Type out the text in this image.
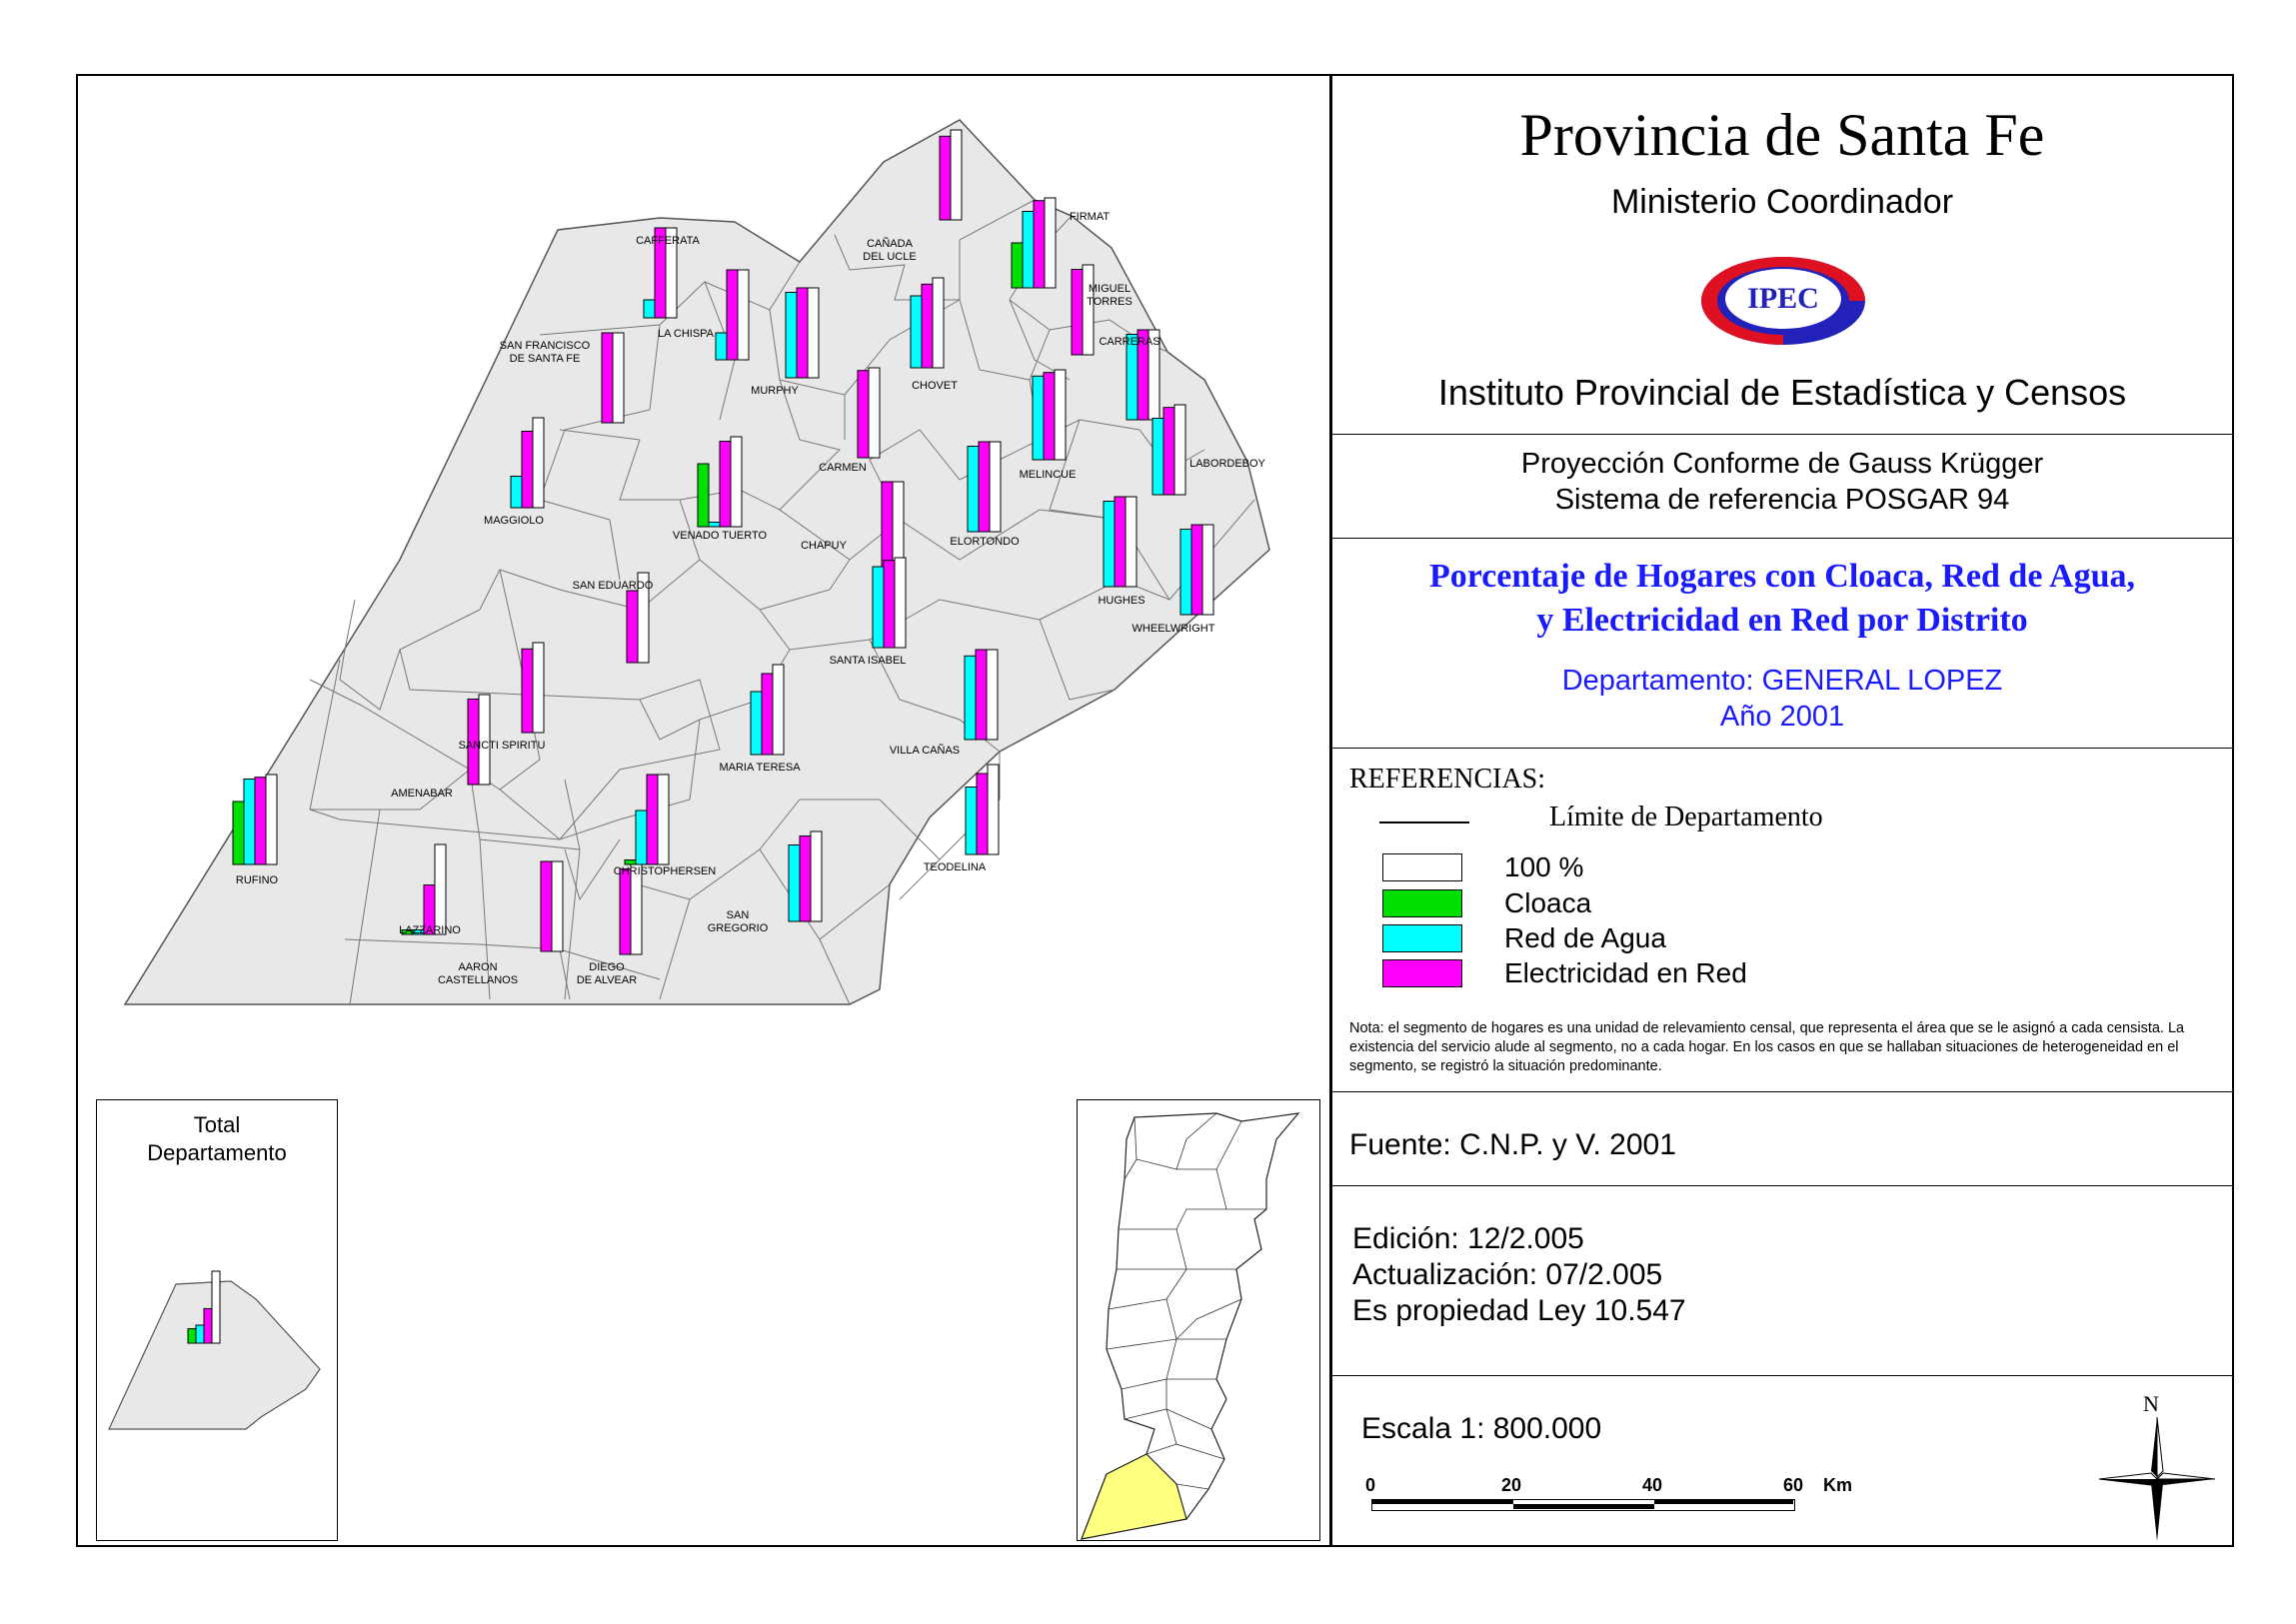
CAFFERATA
LA CHISPA
SAN FRANCISCO
DE SANTA FE
MURPHY
CAÑADA
DEL UCLE
FIRMAT
MIGUEL
TORRES
CHOVET
CARRERAS
CARMEN
MELINCUE
LABORDEBOY
MAGGIOLO
VENADO TUERTO
CHAPUY	ELORTONDO
HUGHES
WHEELWRIGHT
SAN EDUARDO
SANTA ISABEL
SANCTI SPIRITU
AMENABAR
MARIA TERESA
VILLA CAÑAS
RUFINO
CHRISTOPHERSEN	TEODELINA
LAZZARINO
AARON
CASTELLANOS
DIEGO
DE ALVEAR
SAN
GREGORIO
Total
Departamento
Provincia de Santa Fe
Ministerio Coordinador
IPEC
Instituto Provincial de Estadística y Censos
Proyección Conforme de Gauss Krügger
Sistema de referencia POSGAR 94
Porcentaje de Hogares con Cloaca, Red de Agua,
y Electricidad en Red por Distrito
Departamento: GENERAL LOPEZ
Año 2001
REFERENCIAS:
Límite de Departamento
100 %
Cloaca
Red de Agua
Electricidad en Red
Nota: el segmento de hogares es una unidad de relevamiento censal, que representa el área que se le asignó a cada censista. La existencia del servicio alude al segmento, no a cada hogar. En los casos en que se hallaban situaciones de heterogeneidad en el segmento, se registró la situación predominante.
Fuente: C.N.P. y V. 2001
Edición: 12/2.005
Actualización: 07/2.005
Es propiedad Ley 10.547
Escala 1: 800.000
0	20	40	60 Km
N
